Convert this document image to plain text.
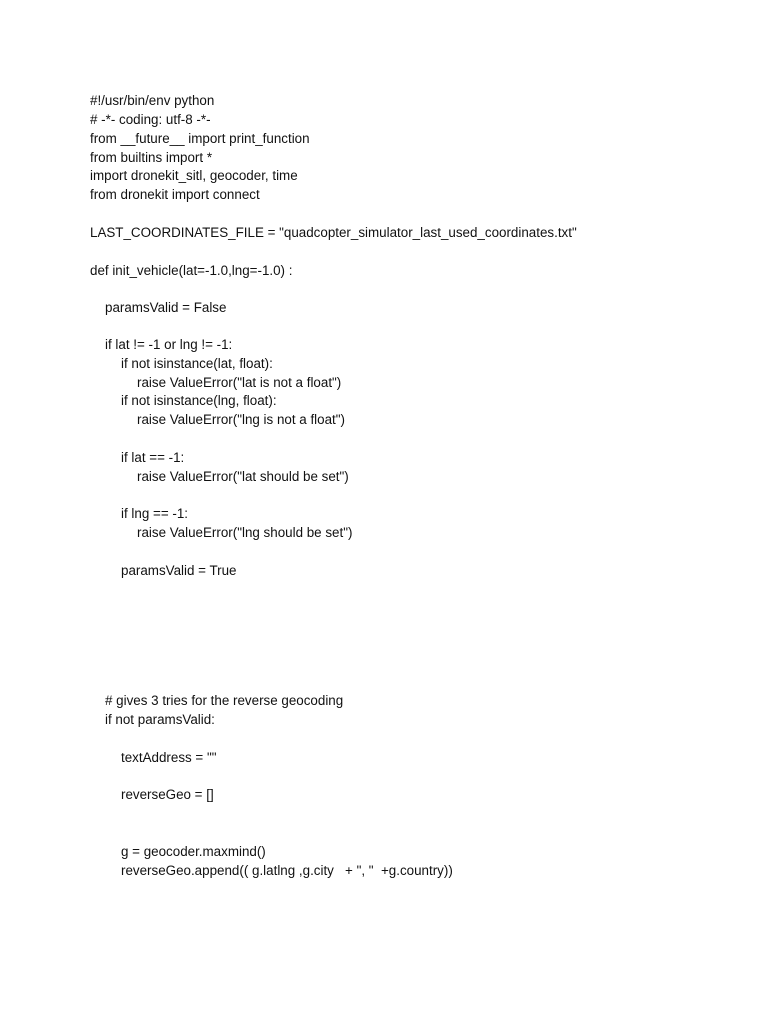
#!/usr/bin/env python
# -*- coding: utf-8 -*-
from __future__ import print_function
from builtins import *
import dronekit_sitl, geocoder, time
from dronekit import connect
LAST_COORDINATES_FILE = "quadcopter_simulator_last_used_coordinates.txt"
def init_vehicle(lat=-1.0,lng=-1.0) :
paramsValid = False
if lat != -1 or lng != -1:
if not isinstance(lat, float):
raise ValueError("lat is not a float")
if not isinstance(lng, float):
raise ValueError("lng is not a float")
if lat == -1:
raise ValueError("lat should be set")
if lng == -1:
raise ValueError("lng should be set")
paramsValid = True
# gives 3 tries for the reverse geocoding
if not paramsValid:
textAddress = ""
reverseGeo = []
g = geocoder.maxmind()
reverseGeo.append(( g.latlng ,g.city   + ", "  +g.country))
